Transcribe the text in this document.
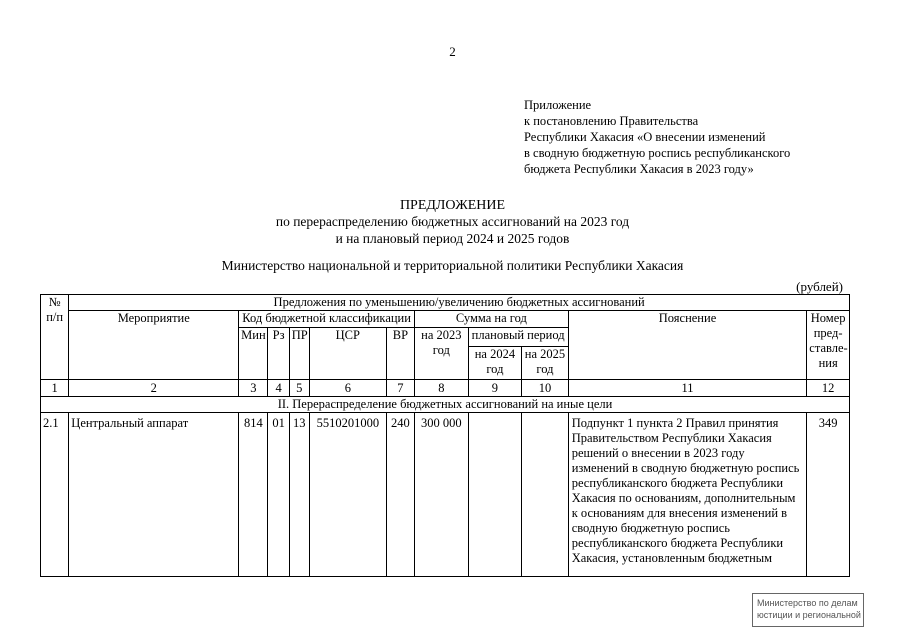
2
Приложение
к постановлению Правительства
Республики Хакасия «О внесении изменений
в сводную бюджетную роспись республиканского
бюджета Республики Хакасия в 2023 году»
ПРЕДЛОЖЕНИЕ
по перераспределению бюджетных ассигнований на 2023 год
и на плановый период 2024 и 2025 годов
Министерство национальной и территориальной политики Республики Хакасия
(рублей)
№ п/п	Предложения по уменьшению/увеличению бюджетных ассигнований										
	Мероприятие	Код бюджетной классификации					Сумма на год			Пояснение	Номер пред-ставле-ния
		Мин	Рз	ПР	ЦСР	ВР	на 2023 год	плановый период			
								на 2024 год	на 2025 год		
1	2	3	4	5	6	7	8	9	10	11	12
II. Перераспределение бюджетных ассигнований на иные цели											
2.1	Центральный аппарат	814	01	13	5510201000	240	300 000			Подпункт 1 пункта 2 Правил принятия Правительством Республики Хакасия решений о внесении в 2023 году изменений в сводную бюджетную роспись республиканского бюджета Республики Хакасия по основаниям, дополнительным к основаниям для внесения изменений в сводную бюджетную роспись республиканского бюджета Республики Хакасия, установленным бюджетным	349
Министерство по делам
юстиции и региональной
